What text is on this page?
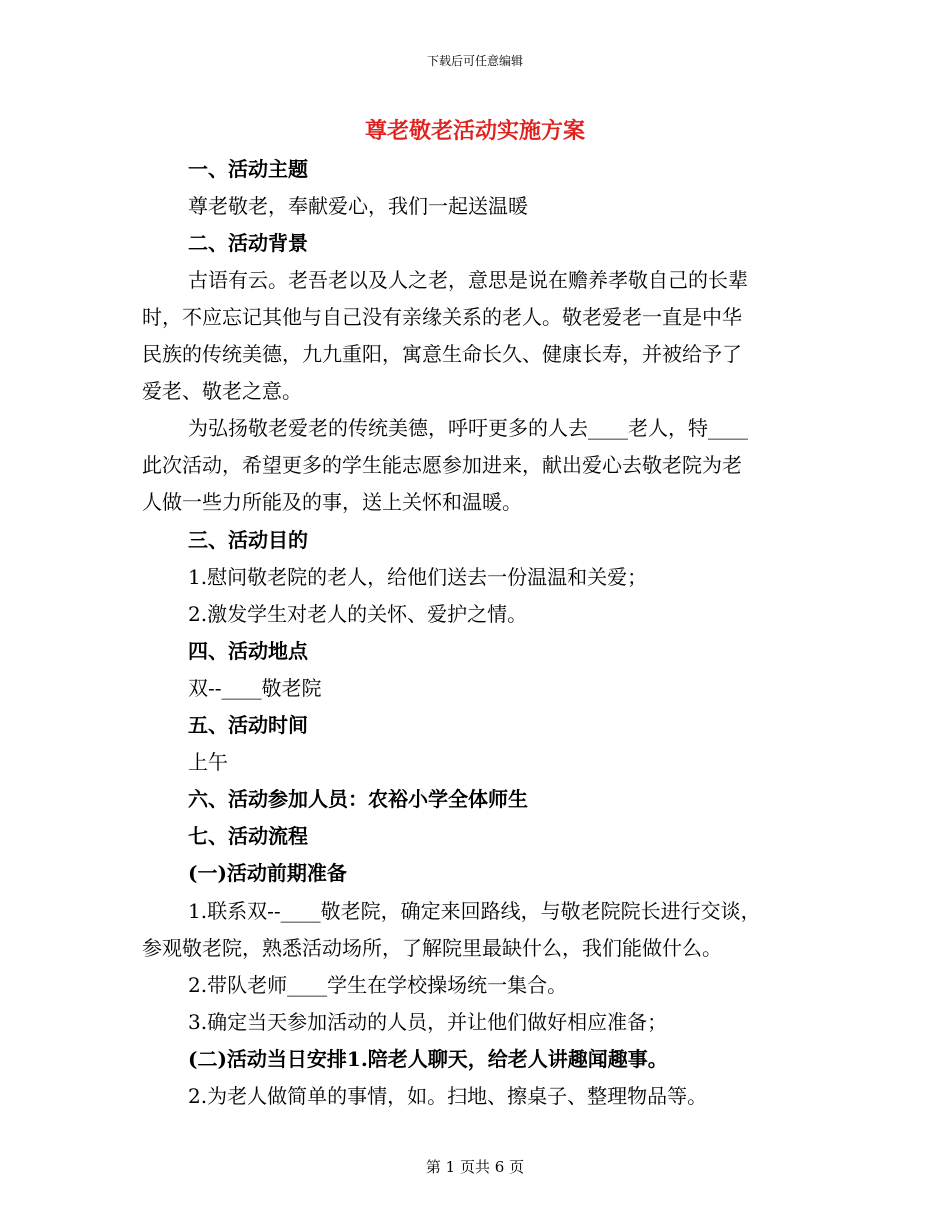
下载后可任意编辑
尊老敬老活动实施方案
一、活动主题
尊老敬老，奉献爱心，我们一起送温暖
二、活动背景
古语有云。老吾老以及人之老，意思是说在赡养孝敬自己的长辈
时，不应忘记其他与自己没有亲缘关系的老人。敬老爱老一直是中华
民族的传统美德，九九重阳，寓意生命长久、健康长寿，并被给予了
爱老、敬老之意。
为弘扬敬老爱老的传统美德，呼吁更多的人去____老人，特____
此次活动，希望更多的学生能志愿参加进来，献出爱心去敬老院为老
人做一些力所能及的事，送上关怀和温暖。
三、活动目的
1.慰问敬老院的老人，给他们送去一份温温和关爱；
2.激发学生对老人的关怀、爱护之情。
四、活动地点
双--____敬老院
五、活动时间
上午
六、活动参加人员：农裕小学全体师生
七、活动流程
(一)活动前期准备
1.联系双--____敬老院，确定来回路线，与敬老院院长进行交谈，
参观敬老院，熟悉活动场所，了解院里最缺什么，我们能做什么。
2.带队老师____学生在学校操场统一集合。
3.确定当天参加活动的人员，并让他们做好相应准备；
(二)活动当日安排1.陪老人聊天，给老人讲趣闻趣事。
2.为老人做简单的事情，如。扫地、擦桌子、整理物品等。
第 1 页共 6 页
